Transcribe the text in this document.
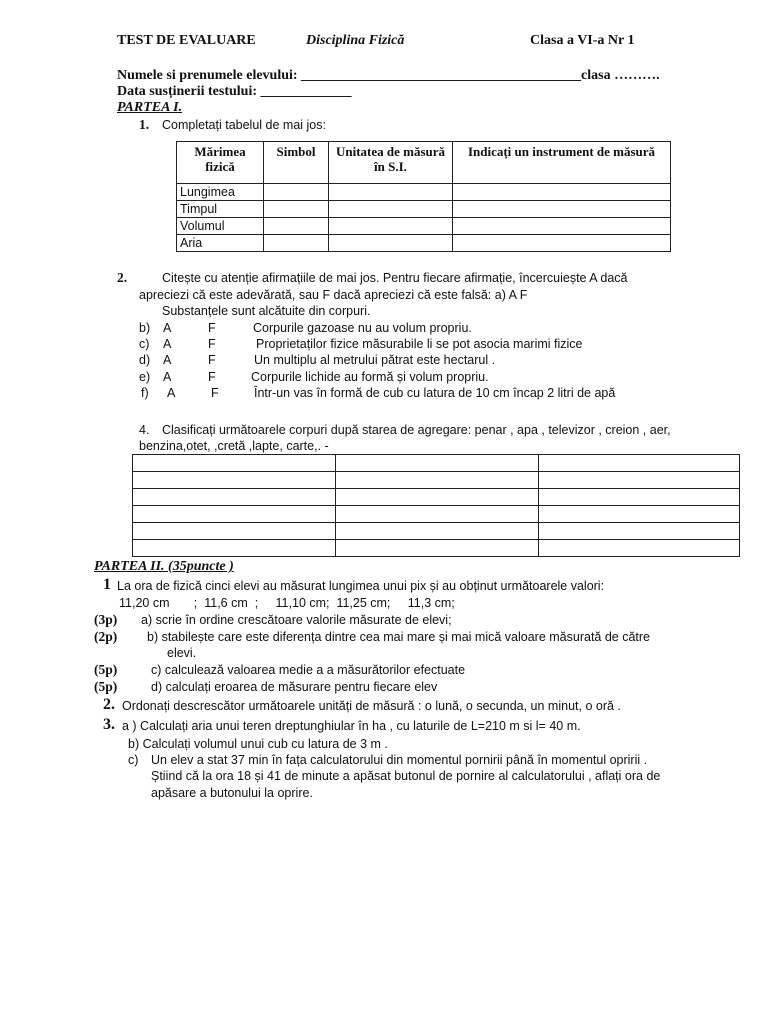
TEST DE EVALUARE	Disciplina Fizică	Clasa a VI-a Nr 1
Numele si prenumele elevului: ________________________________________clasa ……….
Data susținerii testului: _____________
PARTEA I.
1. Completați tabelul de mai jos:
Mărimea fizică	Simbol	Unitatea de măsură în S.I.	Indicați un instrument de măsură
Lungimea			
Timpul			
Volumul			
Aria			
2.	Citește cu atenție afirmațiile de mai jos. Pentru fiecare afirmație, încercuiește A dacă
apreciezi că este adevărată, sau F dacă apreciezi că este falsă: a) A F
Substanțele sunt alcătuite din corpuri.
b) A	F	Corpurile gazoase nu au volum propriu.
c) A	F	Proprietaților fizice măsurabile li se pot asocia marimi fizice
d) A	F	Un multiplu al metrului pătrat este hectarul .
e) A	F	Corpurile lichide au formă și volum propriu.
f) A	F	Într-un vas în formă de cub cu latura de 10 cm încap 2 litri de apă
4. Clasificați următoarele corpuri după starea de agregare: penar , apa , televizor , creion , aer,
benzina,otet, ,cretă ,lapte, carte,. -

PARTEA II. (35puncte )
1 La ora de fizică cinci elevi au măsurat lungimea unui pix și au obținut următoarele valori:
11,20 cm       ;  11,6 cm  ;     11,10 cm;  11,25 cm;     11,3 cm;
(3p) a) scrie în ordine crescătoare valorile măsurate de elevi;
(2p) b) stabilește care este diferența dintre cea mai mare și mai mică valoare măsurată de către
elevi.
(5p)	c) calculează valoarea medie a a măsurătorilor efectuate
(5p)	d) calculați eroarea de măsurare pentru fiecare elev
2. Ordonați descrescător următoarele unități de măsură : o lună, o secunda, un minut, o oră .
3. a ) Calculați aria unui teren dreptunghiular în ha , cu laturile de L=210 m si l= 40 m.
b) Calculați volumul unui cub cu latura de 3 m .
c) Un elev a stat 37 min în fața calculatorului din momentul pornirii până în momentul opririi .
Știind că la ora 18 și 41 de minute a apăsat butonul de pornire al calculatorului , aflați ora de
apăsare a butonului la oprire.
